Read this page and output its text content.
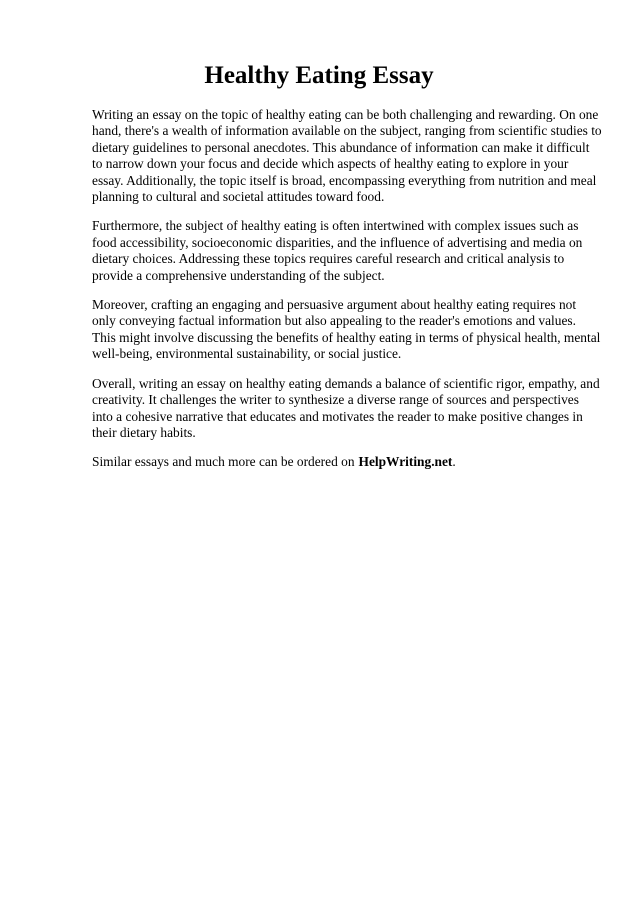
Healthy Eating Essay

Writing an essay on the topic of healthy eating can be both challenging and rewarding. On one hand, there's a wealth of information available on the subject, ranging from scientific studies to dietary guidelines to personal anecdotes. This abundance of information can make it difficult to narrow down your focus and decide which aspects of healthy eating to explore in your essay. Additionally, the topic itself is broad, encompassing everything from nutrition and meal planning to cultural and societal attitudes toward food.

Furthermore, the subject of healthy eating is often intertwined with complex issues such as food accessibility, socioeconomic disparities, and the influence of advertising and media on dietary choices. Addressing these topics requires careful research and critical analysis to provide a comprehensive understanding of the subject.

Moreover, crafting an engaging and persuasive argument about healthy eating requires not only conveying factual information but also appealing to the reader's emotions and values. This might involve discussing the benefits of healthy eating in terms of physical health, mental well-being, environmental sustainability, or social justice.

Overall, writing an essay on healthy eating demands a balance of scientific rigor, empathy, and creativity. It challenges the writer to synthesize a diverse range of sources and perspectives into a cohesive narrative that educates and motivates the reader to make positive changes in their dietary habits.

Similar essays and much more can be ordered on HelpWriting.net.
